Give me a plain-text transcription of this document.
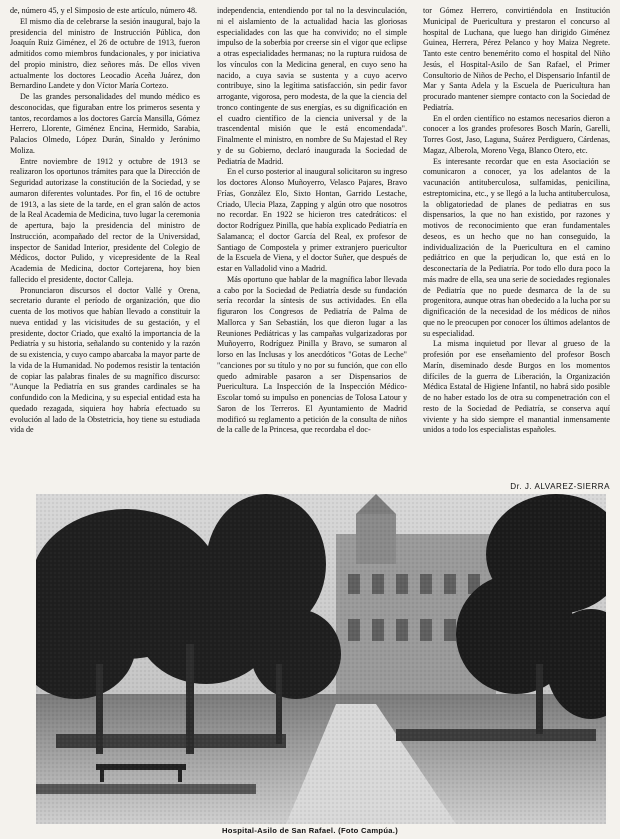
de, número 45, y el Simposio de este artículo, número 48.

El mismo día de celebrarse la sesión inaugural, bajo la presidencia del ministro de Instrucción Pública, don Joaquín Ruiz Giménez, el 26 de octubre de 1913, fueron admitidos como miembros fundacionales, y por iniciativa del propio ministro, diez señores más. De ellos viven actualmente los doctores Leocadio Aceña Juárez, don Bernardino Landete y don Víctor María Cortezo.

De las grandes personalidades del mundo médico es desconocidas, que figuraban entre los primeros sesenta y tantos, recordamos a los doctores García Mansilla, Gómez Herrero, Llorente, Giménez Encina, Hermido, Sarabia, Palacios Olmedo, López Durán, Sinaldo y Jerónimo Moliza.

Entre noviembre de 1912 y octubre de 1913 se realizaron los oportunos trámites para que la Dirección de Seguridad autorizase la constitución de la Sociedad, y se aumaron diferentes voluntades. Por fin, el 16 de octubre de 1913, a las siete de la tarde, en el gran salón de actos de la Real Academia de Medicina, tuvo lugar la ceremonia de apertura, bajo la presidencia del ministro de Instrucción, acompañado del rector de la Universidad, inspector de Sanidad Interior, presidente del Colegio de Médicos, doctor Pulido, y vicepresidente de la Real Academia de Medicina, doctor Cortejarena, hoy bien fallecido el presidente, doctor Calleja.

Pronunciaron discursos el doctor Vallé y Orena, secretario durante el período de organización, que dio cuenta de los motivos que habían llevado a constituir la nueva entidad y las vicisitudes de su gestación, y el presidente, doctor Criado, que exaltó la importancia de la Pediatría y su historia, señalando su contenido y la razón de su existencia, y cuyo campo abarcaba la mayor parte de la vida de la Humanidad. No podemos resistir la tentación de copiar las palabras finales de su magnífico discurso: "Aunque la Pediatría en sus grandes cardinales se ha confundido con la Medicina, y su especial entidad esta ha quedado rezagada, siquiera hoy habría efectuado su evolución al lado de la Obstetricia, hoy tiene su estudiada vida de

independencia, entendiendo por tal no la desvinculación, ni el aislamiento de la actualidad hacia las gloriosas especialidades con las que ha convivido; no el simple impulso de la soberbia por creerse sin el vigor que eclipse a otras especialidades hermanas; no la ruptura ruidosa de los vínculos con la Medicina general, en cuyo seno ha nacido, a cuya savia se sustenta y a cuyo acervo contribuye, sino la legítima satisfacción, sin pedir favor arrogante, vigorosa, pero modesta, de la que la ciencia del tronco contingente de sus energías, es su dignificación en el cuadro científico de la ciencia universal y de la trascendental misión que le está encomendada". Finalmente el ministro, en nombre de Su Majestad el Rey y de su Gobierno, declaró inaugurada la Sociedad de Pediatría de Madrid.

En el curso posterior al inaugural solicitaron su ingreso los doctores Alonso Muñoyerro, Velasco Pajares, Bravo Frías, González Elo, Sixto Hontan, Garrido Lestache, Criado, Ulecia Plaza, Zapping y algún otro que nosotros no recordar. En 1922 se hicieron tres catedráticos: el doctor Rodríguez Pinilla, que había explicado Pediatría en Salamanca; el doctor García del Real, ex profesor de Santiago de Compostela y primer extranjero puericultor de la Escuela de Viena, y el doctor Suñer, que después de estar en Valladolid vino a Madrid.

Más oportuno que hablar de la magnífica labor llevada a cabo por la Sociedad de Pediatría desde su fundación sería recordar la síntesis de sus actividades. En ella figuraron los Congresos de Pediatría de Palma de Mallorca y San Sebastián, los que dieron lugar a las Reuniones Pediátricas y las campañas vulgarizadoras por Muñoyerro, Rodríguez Pinilla y Bravo, se sumaron al lorso en las Inclusas y los anecdóticos "Gotas de Leche" "canciones por su título y no por su función, que con ello quedo admirable pasaron a ser Dispensarios de Puericultura. La Inspección de la Inspección Médico-Escolar tomó su impulso en ponencias de Tolosa Latour y Saron de los Terreros. El Ayuntamiento de Madrid modificó su reglamento a petición de la consulta de niños de la calle de la Princesa, que recordaba el doc-

tor Gómez Herrero, convirtiéndola en Institución Municipal de Puericultura y prestaron el concurso al hospital de Luchana, que luego han dirigido Giménez Guinea, Herrera, Pérez Pelanco y hoy Maiza Negrete. Tanto este centro benemérito como el hospital del Niño Jesús, el Hospital-Asilo de San Rafael, el Primer Consultorio de Niños de Pecho, el Dispensario Infantil de Mar y Santa Adela y la Escuela de Puericultura han procurado mantener siempre contacto con la Sociedad de Pediatría.

En el orden científico no estamos necesarios dieron a conocer a los grandes profesores Bosch Marín, Garelli, Torres Gost, Jaso, Laguna, Suárez Perdiguero, Cárdenas, Magaz, Alberola, Moreno Vega, Blanco Otero, etc.

Es interesante recordar que en esta Asociación se comunicaron a conocer, ya los adelantos de la vacunación antituberculosa, sulfamidas, penicilina, estreptomicina, etc., y se llegó a la lucha antituberculosa, la obligatoriedad de planes de pediatras en sus dispensarios, la que no han existido, por razones y motivos de reconocimiento que eran fundamentales deseos, es un hecho que no han conseguido, la individualización de la Puericultura en el camino pediátrico en que la perjudican lo, que está en lo desconectaría de la Pediatría. Por todo ello dura poco la más madre de ella, sea una serie de sociedades regionales de Pediatría que no puede desmarca de la de su progenitora, aunque otras han obedecido a la lucha por su dignificación de la necesidad de los médicos de niños que no le preocupen por conocer los últimos adelantos de su especialidad.

La misma inquietud por llevar al grueso de la profesión por ese enseñamiento del profesor Bosch Marín, diseminado desde Burgos en los momentos difíciles de la guerra de Liberación, la Organización Médica Estatal de Higiene Infantil, no habrá sido posible de no haber estado los de otra su compenetración con el resto de la Sociedad de Pediatría, se conserva aquí viviente y ha sido siempre el manantial inmensamente unidos a todo los especialistas españoles.

Dr. J. ALVAREZ-SIERRA
Hospital-Asilo de San Rafael. (Foto Campúa.)
